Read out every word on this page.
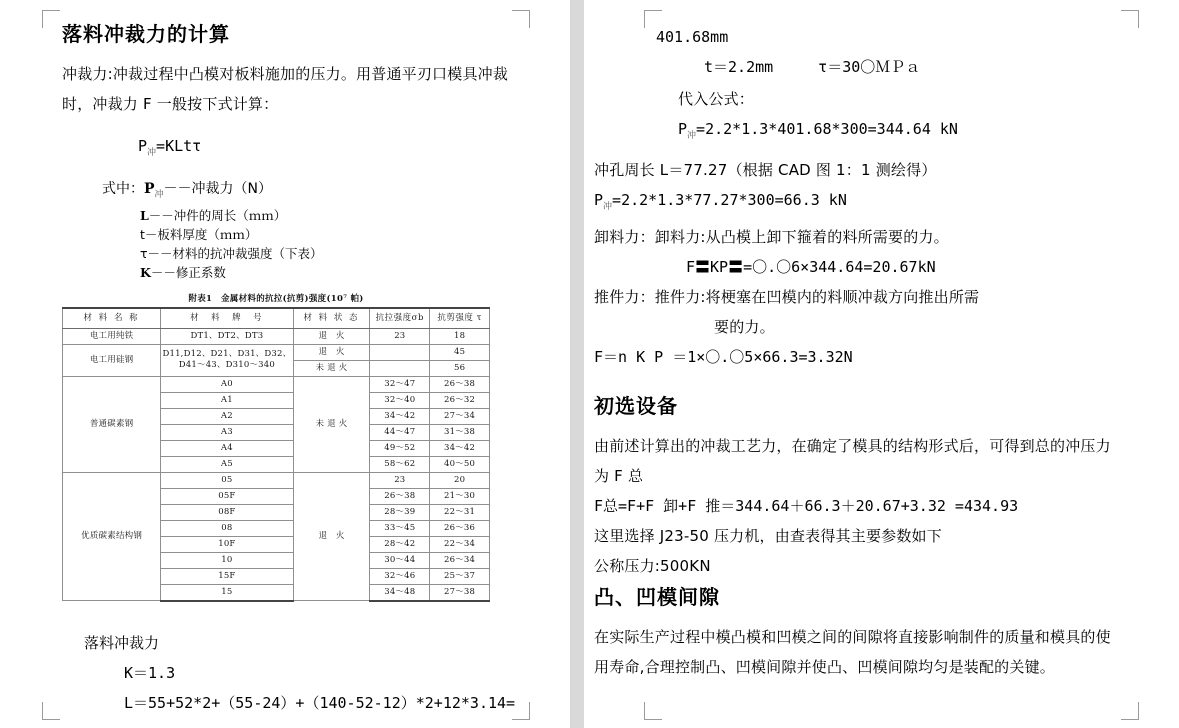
落料冲裁力的计算

冲裁力:冲裁过程中凸模对板料施加的压力。用普通平刃口模具冲裁时，冲裁力 F 一般按下式计算：

$P_冲=KLt\tau$
式中：$P_冲--$冲裁力（N）
L－－冲件的周长（ｍｍ）
t－板料厚度（ｍｍ）
τ－－材料的抗冲裁强度（下表）
K－－修正系数
附表1　金属材料的抗拉(抗剪)强度(10⁷ 帕)
材 料 名 称	材　料　牌　号	材 料 状 态	抗拉强度σb	抗剪强度 τ
电工用纯铁	DT1、DT2、DT3	退　火	23	18
电工用硅钢	D11,D12、D21、D31、D32、D41～43、D310～340	退　火		45
		未 退 火		56
普通碳素钢	A0	未 退 火	32～47	26～38
	A1		32～40	26～32
	A2		34～42	27～34
	A3		44～47	31～38
	A4		49～52	34～42
	A5		58～62	40～50
优质碳素结构钢	05	退　火	23	20
	05F		26～38	21～30
	08F		28～39	22～31
	08		33～45	26～36
	10F		28～42	22～34
	10		30～44	26～34
	15F		32～46	25～37
	15		34～48	27～38
落料冲裁力
K＝1.3
L＝55+52*2+（55-24）+（140-52-12）*2+12*3.14=
401.68mm
t＝2.2mm　　　τ＝30〇ＭＰａ

代入公式：

$P_冲=2.2*1.3*401.68*300=344.64$ kN

冲孔周长 L＝77.27（根据 CAD 图 1：1 测绘得）

$P_冲=2.2*1.3*77.27*300=66.3$ kN

卸料力：卸料力:从凸模上卸下箍着的料所需要的力。

F〓KP〓=〇.〇6×344.64=20.67kN

推件力：推件力:将梗塞在凹模内的料顺冲裁方向推出所需

要的力。

F＝n K P ＝1×〇.〇5×66.3=3.32N
初选设备

由前述计算出的冲裁工艺力，在确定了模具的结构形式后，可得到总的冲压力为 F 总

F总=F+F 卸+F 推＝344.64＋66.3＋20.67+3.32 =434.93

这里选择 J23-50 压力机，由查表得其主要参数如下

公称压力:500KN

凸、凹模间隙

在实际生产过程中模凸模和凹模之间的间隙将直接影响制件的质量和模具的使用寿命,合理控制凸、凹模间隙并使凸、凹模间隙均匀是装配的关键。
